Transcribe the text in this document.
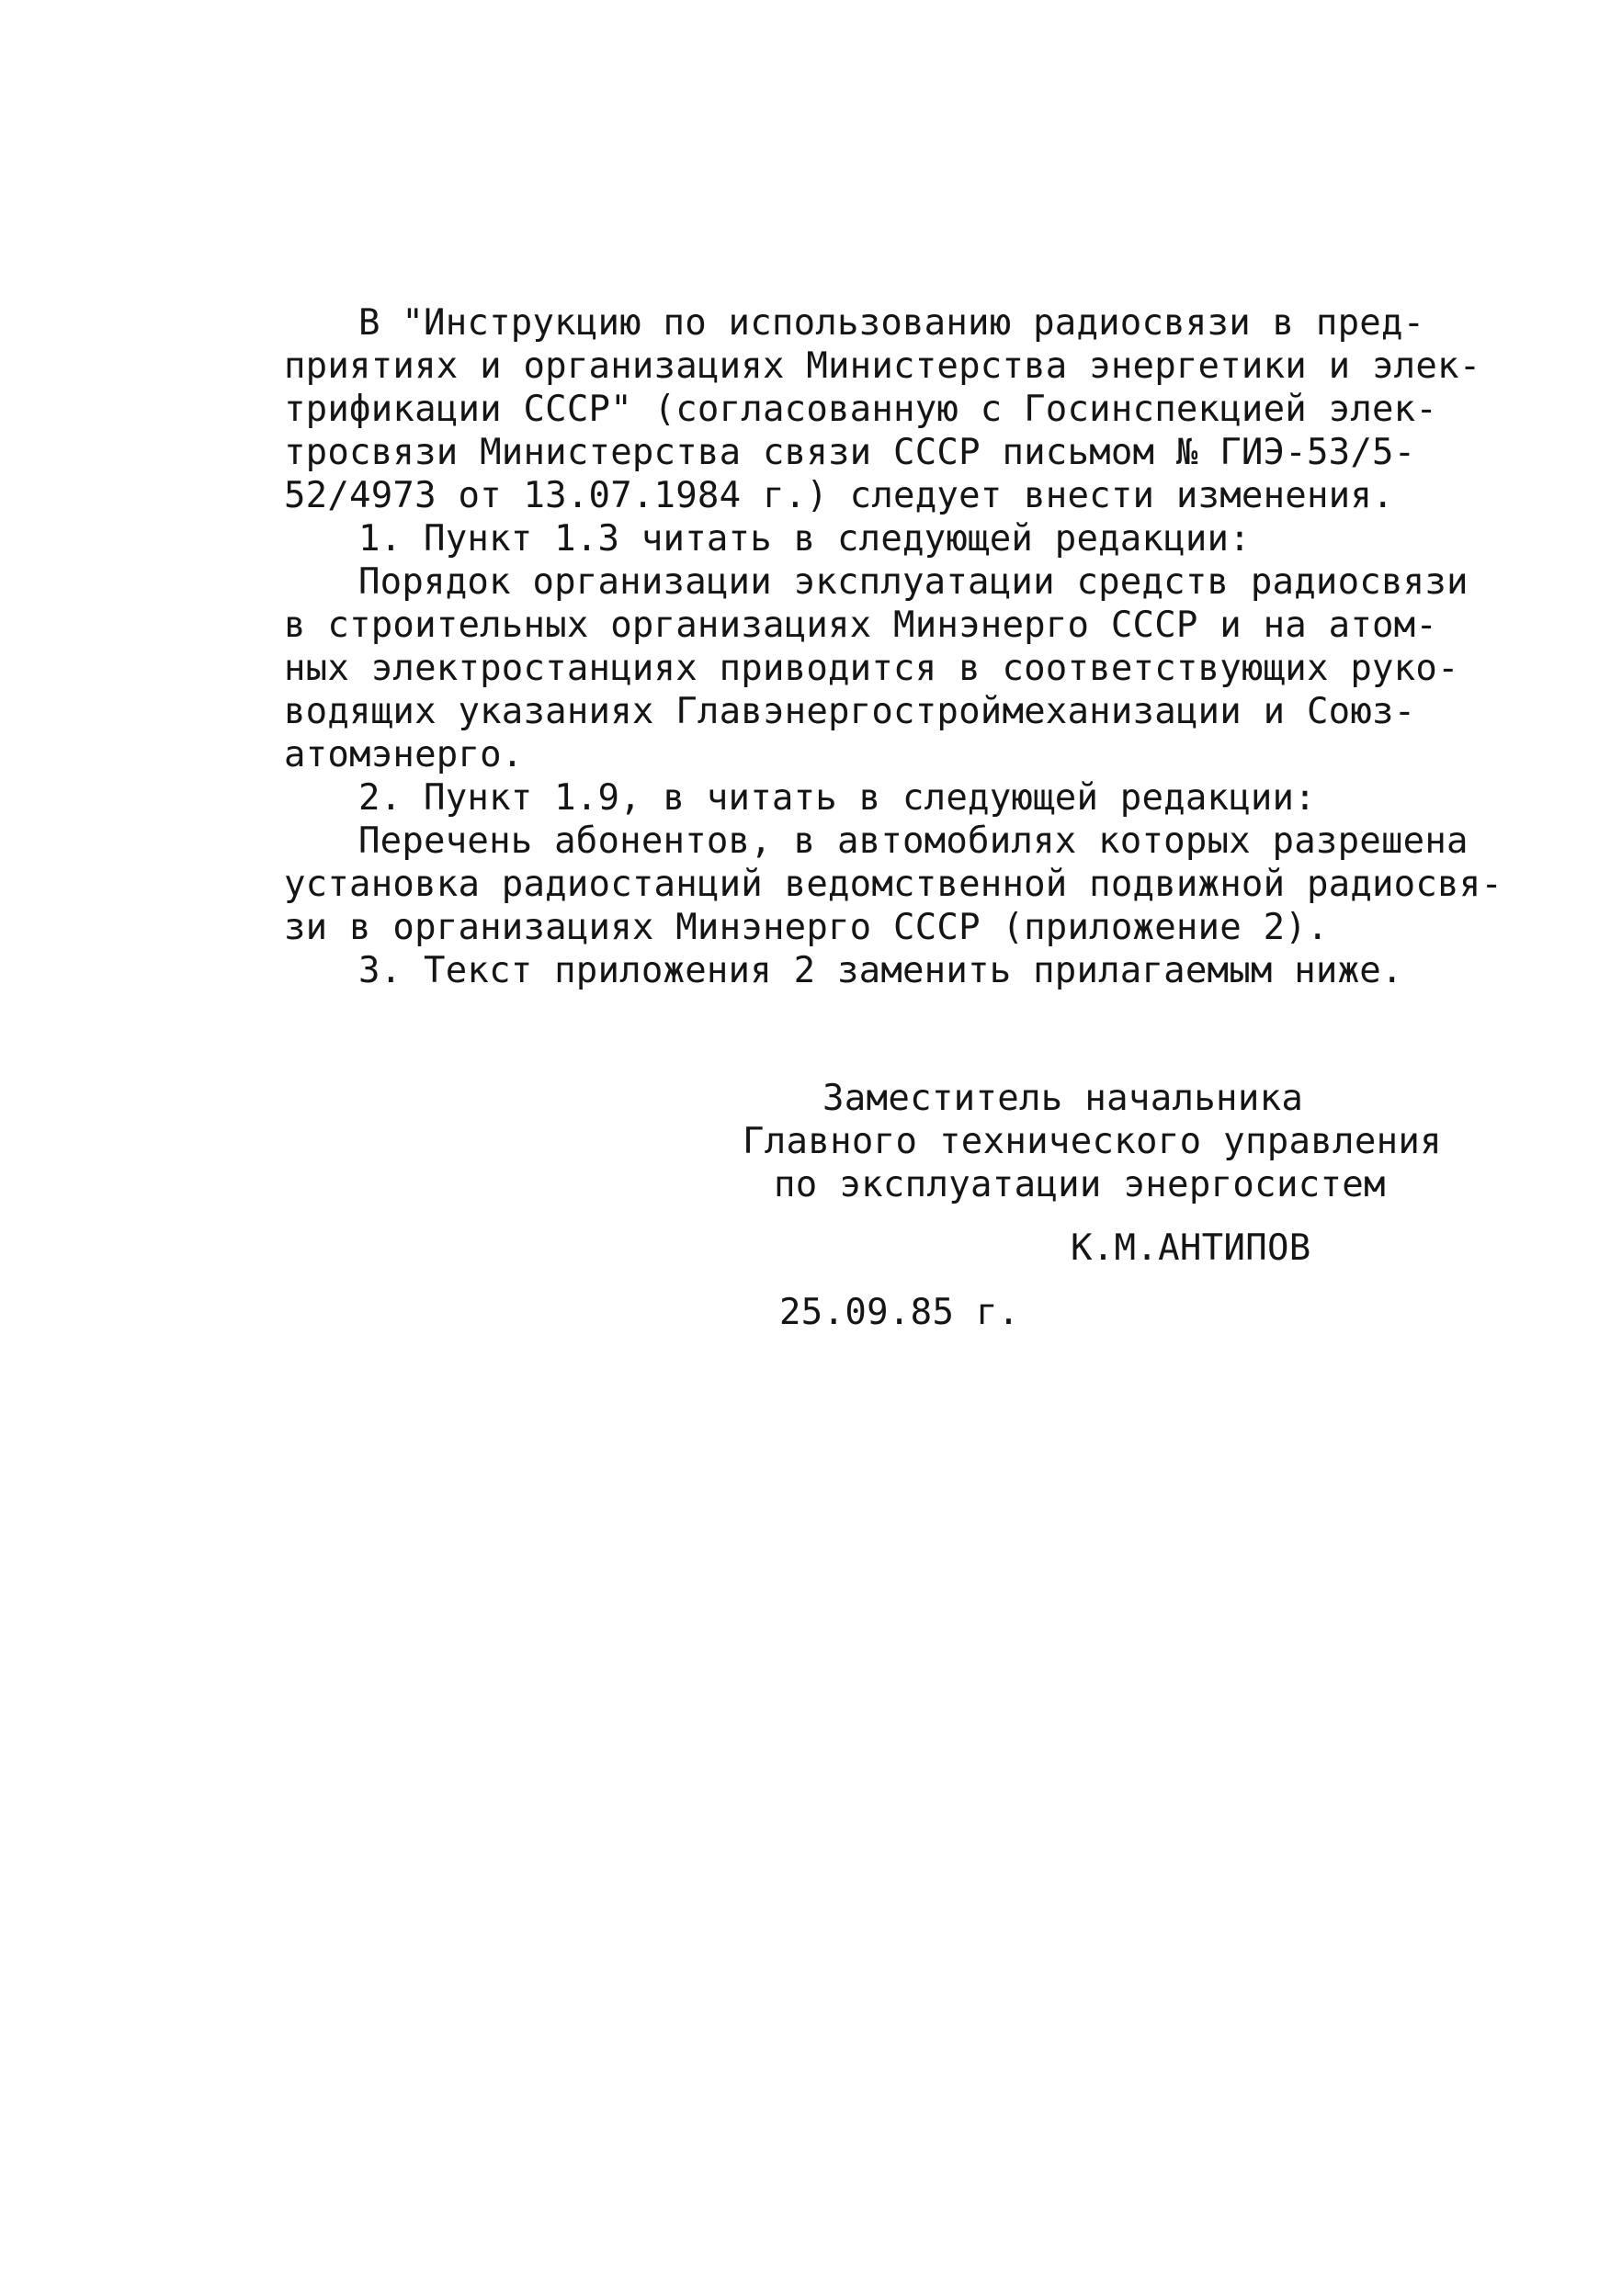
В "Инструкцию по использованию радиосвязи в пред-
приятиях и организациях Министерства энергетики и элек-
трификации СССР" (согласованную с Госинспекцией элек-
тросвязи Министерства связи СССР письмом № ГИЭ-53/5-
52/4973 от 13.07.1984 г.) следует внести изменения.
1. Пункт 1.3 читать в следующей редакции:
Порядок организации эксплуатации средств радиосвязи
в строительных организациях Минэнерго СССР и на атом-
ных электростанциях приводится в соответствующих руко-
водящих указаниях Главэнергостроймеханизации и Союз-
атомэнерго.
2. Пункт 1.9, в читать в следующей редакции:
Перечень абонентов, в автомобилях которых разрешена
установка радиостанций ведомственной подвижной радиосвя-
зи в организациях Минэнерго СССР (приложение 2).
3. Текст приложения 2 заменить прилагаемым ниже.
Заместитель начальника
Главного технического управления
по эксплуатации энергосистем
К.М.АНТИПОВ
25.09.85 г.
